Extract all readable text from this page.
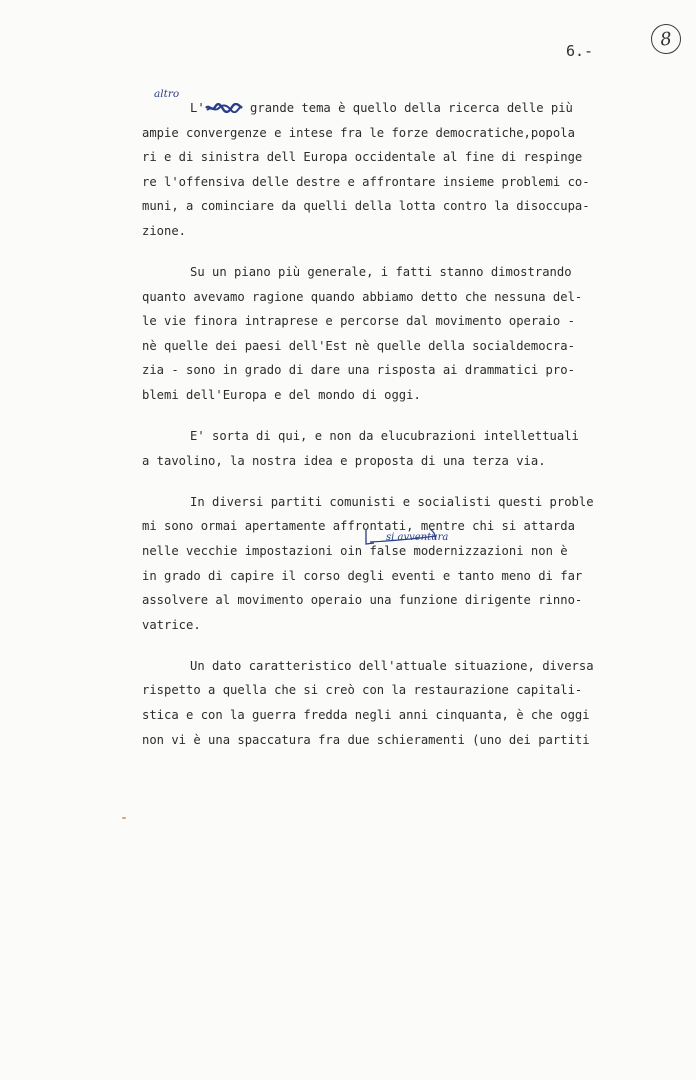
6.-
8
L'	grande tema è quello della ricerca delle più
altro
ampie convergenze e intese fra le forze democratiche,popola
ri e di sinistra dell Europa occidentale al fine di respinge
re l'offensiva delle destre e affrontare insieme problemi co-
muni, a cominciare da quelli della lotta contro la disoccupa-
zione.
Su un piano più generale, i fatti stanno dimostrando
quanto avevamo ragione quando abbiamo detto che nessuna del-
le vie finora intraprese e percorse dal movimento operaio -
nè quelle dei paesi dell'Est nè quelle della socialdemocra-
zia - sono in grado di dare una risposta ai drammatici pro-
blemi dell'Europa e del mondo di oggi.
E' sorta di qui, e non da elucubrazioni intellettuali
a tavolino, la nostra idea e proposta di una terza via.
In diversi partiti comunisti e socialisti questi proble
mi sono ormai apertamente affrontati, mentre chi si attarda
nelle vecchie impostazioni oin false modernizzazioni non è
si avventura
in grado di capire il corso degli eventi e tanto meno di far
assolvere al movimento operaio una funzione dirigente rinno-
vatrice.
Un dato caratteristico dell'attuale situazione, diversa
rispetto a quella che si creò con la restaurazione capitali-
stica e con la guerra fredda negli anni cinquanta, è che oggi
non vi è una spaccatura fra due schieramenti (uno dei partiti
